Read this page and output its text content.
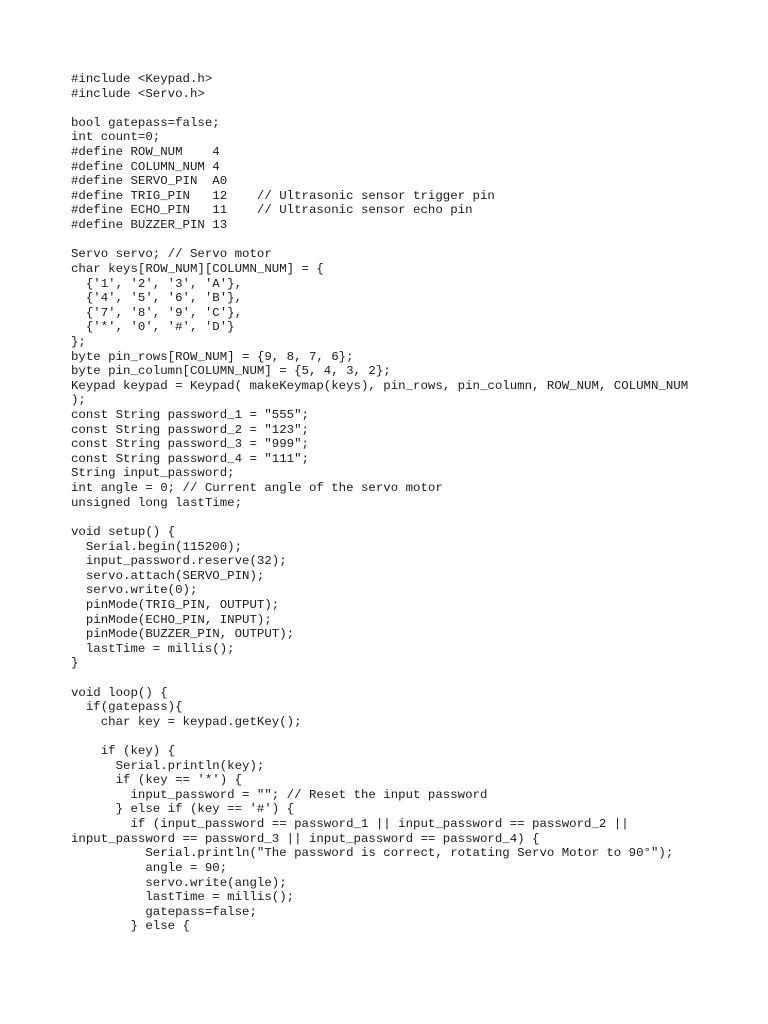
#include <Keypad.h>
#include <Servo.h>
bool gatepass=false;
int count=0;
#define ROW_NUM    4
#define COLUMN_NUM 4
#define SERVO_PIN  A0
#define TRIG_PIN   12    // Ultrasonic sensor trigger pin
#define ECHO_PIN   11    // Ultrasonic sensor echo pin
#define BUZZER_PIN 13
Servo servo; // Servo motor
char keys[ROW_NUM][COLUMN_NUM] = {
{'1', '2', '3', 'A'},
{'4', '5', '6', 'B'},
{'7', '8', '9', 'C'},
{'*', '0', '#', 'D'}
};
byte pin_rows[ROW_NUM] = {9, 8, 7, 6};
byte pin_column[COLUMN_NUM] = {5, 4, 3, 2};
Keypad keypad = Keypad( makeKeymap(keys), pin_rows, pin_column, ROW_NUM, COLUMN_NUM
);
const String password_1 = "555";
const String password_2 = "123";
const String password_3 = "999";
const String password_4 = "111";
String input_password;
int angle = 0; // Current angle of the servo motor
unsigned long lastTime;
void setup() {
Serial.begin(115200);
input_password.reserve(32);
servo.attach(SERVO_PIN);
servo.write(0);
pinMode(TRIG_PIN, OUTPUT);
pinMode(ECHO_PIN, INPUT);
pinMode(BUZZER_PIN, OUTPUT);
lastTime = millis();
}
void loop() {
if(gatepass){
char key = keypad.getKey();
if (key) {
Serial.println(key);
if (key == '*') {
input_password = ""; // Reset the input password
} else if (key == '#') {
if (input_password == password_1 || input_password == password_2 ||
input_password == password_3 || input_password == password_4) {
Serial.println("The password is correct, rotating Servo Motor to 90°");
angle = 90;
servo.write(angle);
lastTime = millis();
gatepass=false;
} else {
